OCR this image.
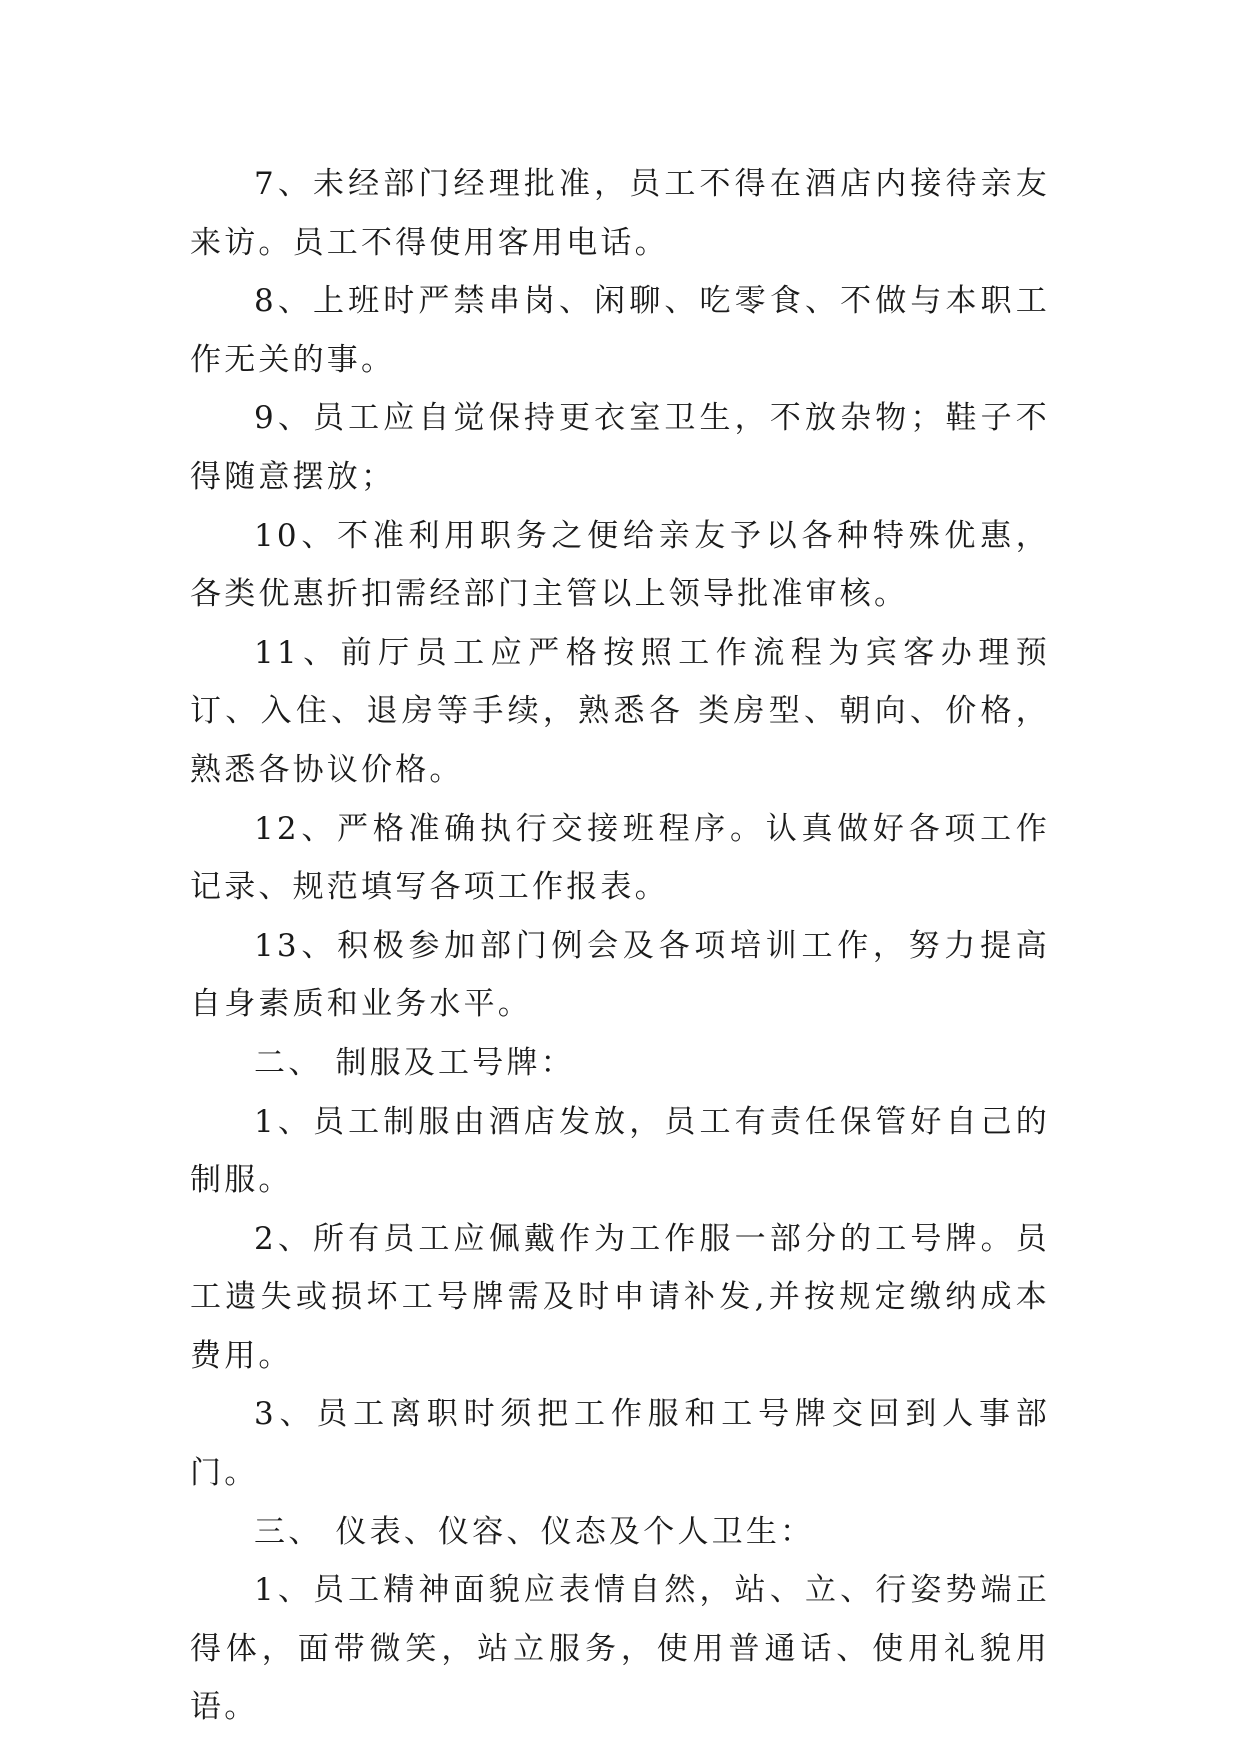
7、未经部门经理批准，员工不得在酒店内接待亲友来访。员工不得使用客用电话。

8、上班时严禁串岗、闲聊、吃零食、不做与本职工作无关的事。

9、员工应自觉保持更衣室卫生，不放杂物；鞋子不得随意摆放；

10、不准利用职务之便给亲友予以各种特殊优惠，各类优惠折扣需经部门主管以上领导批准审核。

11、前厅员工应严格按照工作流程为宾客办理预订、入住、退房等手续，熟悉各 类房型、朝向、价格，熟悉各协议价格。

12、严格准确执行交接班程序。认真做好各项工作记录、规范填写各项工作报表。

13、积极参加部门例会及各项培训工作，努力提高自身素质和业务水平。

二、 制服及工号牌：

1、员工制服由酒店发放，员工有责任保管好自己的制服。

2、所有员工应佩戴作为工作服一部分的工号牌。员工遗失或损坏工号牌需及时申请补发,并按规定缴纳成本费用。

3、员工离职时须把工作服和工号牌交回到人事部门。

三、 仪表、仪容、仪态及个人卫生：

1、员工精神面貌应表情自然，站、立、行姿势端正得体，面带微笑，站立服务，使用普通话、使用礼貌用语。
